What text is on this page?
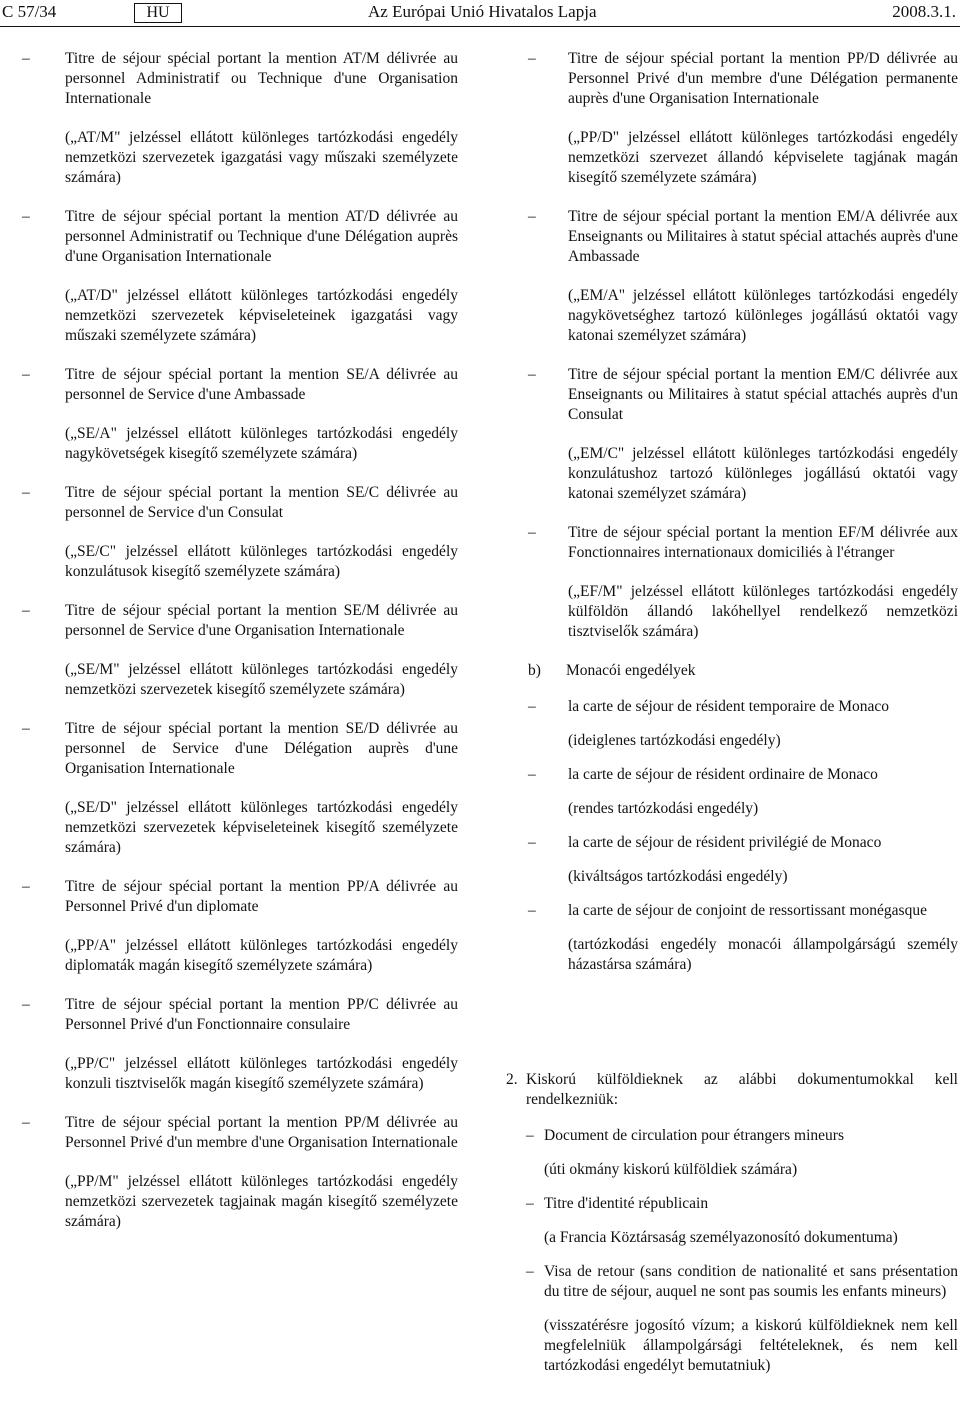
C 57/34	HU	Az Európai Unió Hivatalos Lapja	2008.3.1.
– Titre de séjour spécial portant la mention AT/M délivrée au personnel Administratif ou Technique d'une Organisation Internationale
(„AT/M" jelzéssel ellátott különleges tartózkodási engedély nemzetközi szervezetek igazgatási vagy műszaki személyzete számára)
– Titre de séjour spécial portant la mention AT/D délivrée au personnel Administratif ou Technique d'une Délégation auprès d'une Organisation Internationale
(„AT/D" jelzéssel ellátott különleges tartózkodási engedély nemzetközi szervezetek képviseleteinek igazgatási vagy műszaki személyzete számára)
– Titre de séjour spécial portant la mention SE/A délivrée au personnel de Service d'une Ambassade
(„SE/A" jelzéssel ellátott különleges tartózkodási engedély nagykövetségek kisegítő személyzete számára)
– Titre de séjour spécial portant la mention SE/C délivrée au personnel de Service d'un Consulat
(„SE/C" jelzéssel ellátott különleges tartózkodási engedély konzulátusok kisegítő személyzete számára)
– Titre de séjour spécial portant la mention SE/M délivrée au personnel de Service d'une Organisation Internationale
(„SE/M" jelzéssel ellátott különleges tartózkodási engedély nemzetközi szervezetek kisegítő személyzete számára)
– Titre de séjour spécial portant la mention SE/D délivrée au personnel de Service d'une Délégation auprès d'une Organisation Internationale
(„SE/D" jelzéssel ellátott különleges tartózkodási engedély nemzetközi szervezetek képviseleteinek kisegítő személyzete számára)
– Titre de séjour spécial portant la mention PP/A délivrée au Personnel Privé d'un diplomate
(„PP/A" jelzéssel ellátott különleges tartózkodási engedély diplomaták magán kisegítő személyzete számára)
– Titre de séjour spécial portant la mention PP/C délivrée au Personnel Privé d'un Fonctionnaire consulaire
(„PP/C" jelzéssel ellátott különleges tartózkodási engedély konzuli tisztviselők magán kisegítő személyzete számára)
– Titre de séjour spécial portant la mention PP/M délivrée au Personnel Privé d'un membre d'une Organisation Internationale
(„PP/M" jelzéssel ellátott különleges tartózkodási engedély nemzetközi szervezetek tagjainak magán kisegítő személyzete számára)
– Titre de séjour spécial portant la mention PP/D délivrée au Personnel Privé d'un membre d'une Délégation permanente auprès d'une Organisation Internationale
(„PP/D" jelzéssel ellátott különleges tartózkodási engedély nemzetközi szervezet állandó képviselete tagjának magán kisegítő személyzete számára)
– Titre de séjour spécial portant la mention EM/A délivrée aux Enseignants ou Militaires à statut spécial attachés auprès d'une Ambassade
(„EM/A" jelzéssel ellátott különleges tartózkodási engedély nagykövetséghez tartozó különleges jogállású oktatói vagy katonai személyzet számára)
– Titre de séjour spécial portant la mention EM/C délivrée aux Enseignants ou Militaires à statut spécial attachés auprès d'un Consulat
(„EM/C" jelzéssel ellátott különleges tartózkodási engedély konzulátushoz tartozó különleges jogállású oktatói vagy katonai személyzet számára)
– Titre de séjour spécial portant la mention EF/M délivrée aux Fonctionnaires internationaux domiciliés à l'étranger
(„EF/M" jelzéssel ellátott különleges tartózkodási engedély külföldön állandó lakóhellyel rendelkező nemzetközi tisztviselők számára)
b) Monacói engedélyek
– la carte de séjour de résident temporaire de Monaco
(ideiglenes tartózkodási engedély)
– la carte de séjour de résident ordinaire de Monaco
(rendes tartózkodási engedély)
– la carte de séjour de résident privilégié de Monaco
(kiváltságos tartózkodási engedély)
– la carte de séjour de conjoint de ressortissant monégasque
(tartózkodási engedély monacói állampolgárságú személy házastársa számára)
2. Kiskorú külföldieknek az alábbi dokumentumokkal kell rendelkezniük:
– Document de circulation pour étrangers mineurs
(úti okmány kiskorú külföldiek számára)
– Titre d'identité républicain
(a Francia Köztársaság személyazonosító dokumentuma)
– Visa de retour (sans condition de nationalité et sans présentation du titre de séjour, auquel ne sont pas soumis les enfants mineurs)
(visszatérésre jogosító vízum; a kiskorú külföldieknek nem kell megfelelniük állampolgársági feltételeknek, és nem kell tartózkodási engedélyt bemutatniuk)
